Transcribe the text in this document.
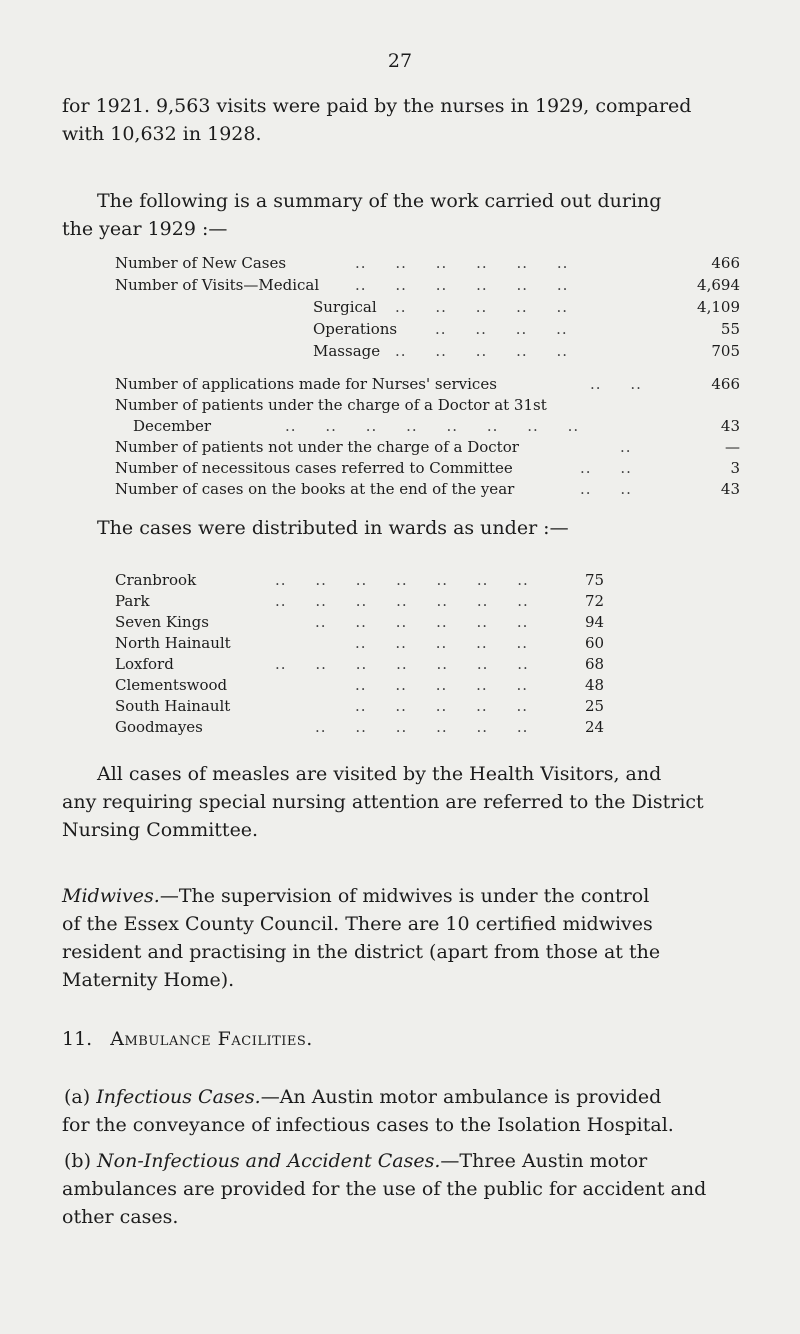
27

for 1921. 9,563 visits were paid by the nurses in 1929, compared
with 10,632 in 1928.

The following is a summary of the work carried out during
the year 1929 :—

Number of New Cases	..     ..     ..     ..     ..     ..	466
Number of Visits—Medical ..     ..     ..     ..     ..     ..	4,694
Surgical ..     ..     ..     ..     ..	4,109
Operations	..     ..     ..     ..	55
Massage ..     ..     ..     ..     ..	705
Number of applications made for Nurses' services	..     ..	466
Number of patients under the charge of a Doctor at 31st
December	..     ..     ..     ..     ..     ..     ..     ..	43
Number of patients not under the charge of a Doctor	..	—
Number of necessitous cases referred to Committee	..     ..	3
Number of cases on the books at the end of the year	..     ..	43

The cases were distributed in wards as under :—

Cranbrook	..     ..     ..     ..     ..     ..     ..	75
Park	..     ..     ..     ..     ..     ..     ..	72
Seven Kings	..     ..     ..     ..     ..     ..	94
North Hainault	..     ..     ..     ..     ..	60
Loxford	..     ..     ..     ..     ..     ..     ..	68
Clementswood	..     ..     ..     ..     ..	48
South Hainault	..     ..     ..     ..     ..	25
Goodmayes	..     ..     ..     ..     ..     ..	24

All cases of measles are visited by the Health Visitors, and
any requiring special nursing attention are referred to the District
Nursing Committee.

Midwives.—The supervision of midwives is under the control
of the Essex County Council. There are 10 certified midwives
resident and practising in the district (apart from those at the
Maternity Home).

11. Ambulance Facilities.

(a) Infectious Cases.—An Austin motor ambulance is provided
for the conveyance of infectious cases to the Isolation Hospital.

(b) Non-Infectious and Accident Cases.—Three Austin motor
ambulances are provided for the use of the public for accident and
other cases.
